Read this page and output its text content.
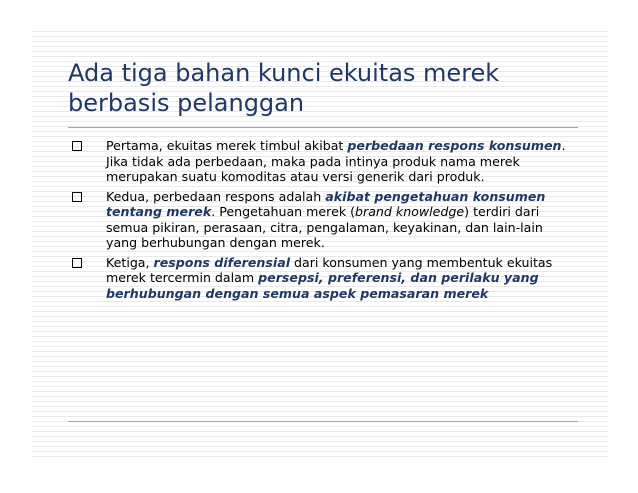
Ada tiga bahan kunci ekuitas merek berbasis pelanggan
Pertama, ekuitas merek timbul akibat perbedaan respons konsumen. Jika tidak ada perbedaan, maka pada intinya produk nama merek merupakan suatu komoditas atau versi generik dari produk.
Kedua, perbedaan respons adalah akibat pengetahuan konsumen tentang merek. Pengetahuan merek (brand knowledge) terdiri dari semua pikiran, perasaan, citra, pengalaman, keyakinan, dan lain-lain yang berhubungan dengan merek.
Ketiga, respons diferensial dari konsumen yang membentuk ekuitas merek tercermin dalam persepsi, preferensi, dan perilaku yang berhubungan dengan semua aspek pemasaran merek
